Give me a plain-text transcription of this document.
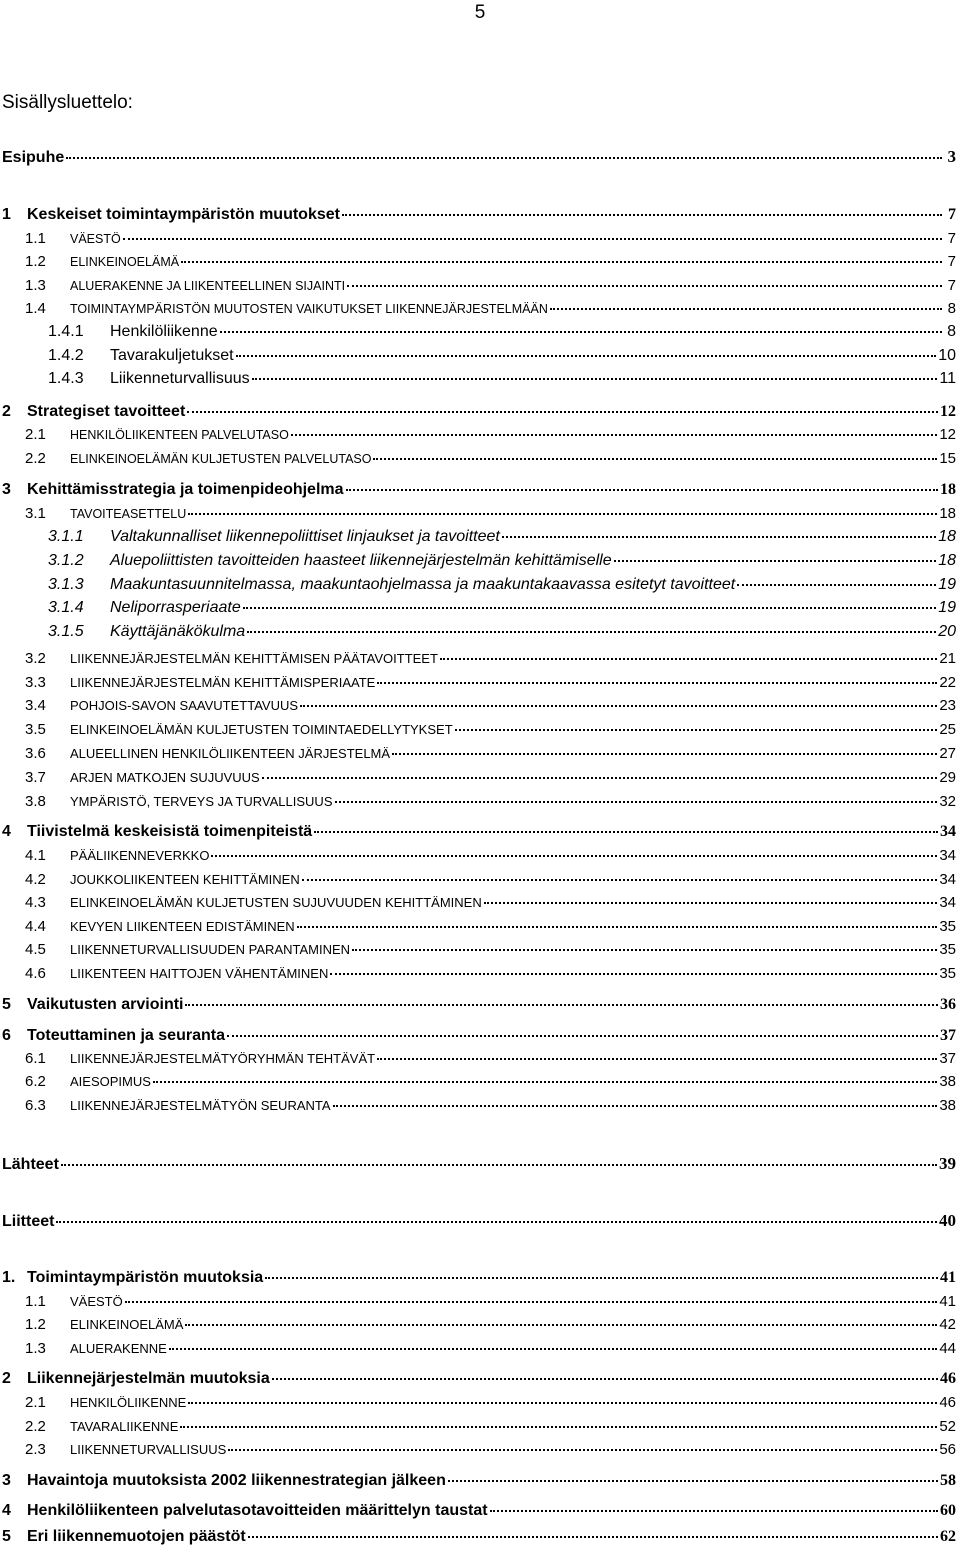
5
Sisällysluettelo:
Esipuhe	3
1	Keskeiset toimintaympäristön muutokset	7
1.1	VÄESTÖ	7
1.2	ELINKEINOELÄMÄ	7
1.3	ALUERAKENNE JA LIIKENTEELLINEN SIJAINTI	7
1.4	TOIMINTAYMPÄRISTÖN MUUTOSTEN VAIKUTUKSET LIIKENNEJÄRJESTELMÄÄN	8
1.4.1	Henkilöliikenne	8
1.4.2	Tavarakuljetukset	10
1.4.3	Liikenneturvallisuus	11
2	Strategiset tavoitteet	12
2.1	HENKILÖLIIKENTEEN PALVELUTASO	12
2.2	ELINKEINOELÄMÄN KULJETUSTEN PALVELUTASO	15
3	Kehittämisstrategia ja toimenpideohjelma	18
3.1	TAVOITEASETTELU	18
3.1.1	Valtakunnalliset liikennepoliittiset linjaukset ja tavoitteet	18
3.1.2	Aluepoliittisten tavoitteiden haasteet liikennejärjestelmän kehittämiselle	18
3.1.3	Maakuntasuunnitelmassa, maakuntaohjelmassa ja maakuntakaavassa esitetyt tavoitteet	19
3.1.4	Neliporrasperiaate	19
3.1.5	Käyttäjänäkökulma	20
3.2	LIIKENNEJÄRJESTELMÄN KEHITTÄMISEN PÄÄTAVOITTEET	21
3.3	LIIKENNEJÄRJESTELMÄN KEHITTÄMISPERIAATE	22
3.4	POHJOIS-SAVON SAAVUTETTAVUUS	23
3.5	ELINKEINOELÄMÄN KULJETUSTEN TOIMINTAEDELLYTYKSET	25
3.6	ALUEELLINEN HENKILÖLIIKENTEEN JÄRJESTELMÄ	27
3.7	ARJEN MATKOJEN SUJUVUUS	29
3.8	YMPÄRISTÖ, TERVEYS JA TURVALLISUUS	32
4	Tiivistelmä keskeisistä toimenpiteistä	34
4.1	PÄÄLIIKENNEVERKKO	34
4.2	JOUKKOLIIKENTEEN KEHITTÄMINEN	34
4.3	ELINKEINOELÄMÄN KULJETUSTEN SUJUVUUDEN KEHITTÄMINEN	34
4.4	KEVYEN LIIKENTEEN EDISTÄMINEN	35
4.5	LIIKENNETURVALLISUUDEN PARANTAMINEN	35
4.6	LIIKENTEEN HAITTOJEN VÄHENTÄMINEN	35
5	Vaikutusten arviointi	36
6	Toteuttaminen ja seuranta	37
6.1	LIIKENNEJÄRJESTELMÄTYÖRYHMÄN TEHTÄVÄT	37
6.2	AIESOPIMUS	38
6.3	LIIKENNEJÄRJESTELMÄTYÖN SEURANTA	38
Lähteet	39
Liitteet	40
1. Toimintaympäristön muutoksia	41
1.1	VÄESTÖ	41
1.2	ELINKEINOELÄMÄ	42
1.3	ALUERAKENNE	44
2	Liikennejärjestelmän muutoksia	46
2.1	HENKILÖLIIKENNE	46
2.2	TAVARALIIKENNE	52
2.3	LIIKENNETURVALLISUUS	56
3	Havaintoja muutoksista 2002 liikennestrategian jälkeen	58
4	Henkilöliikenteen palvelutasotavoitteiden määrittelyn taustat	60
5	Eri liikennemuotojen päästöt	62
